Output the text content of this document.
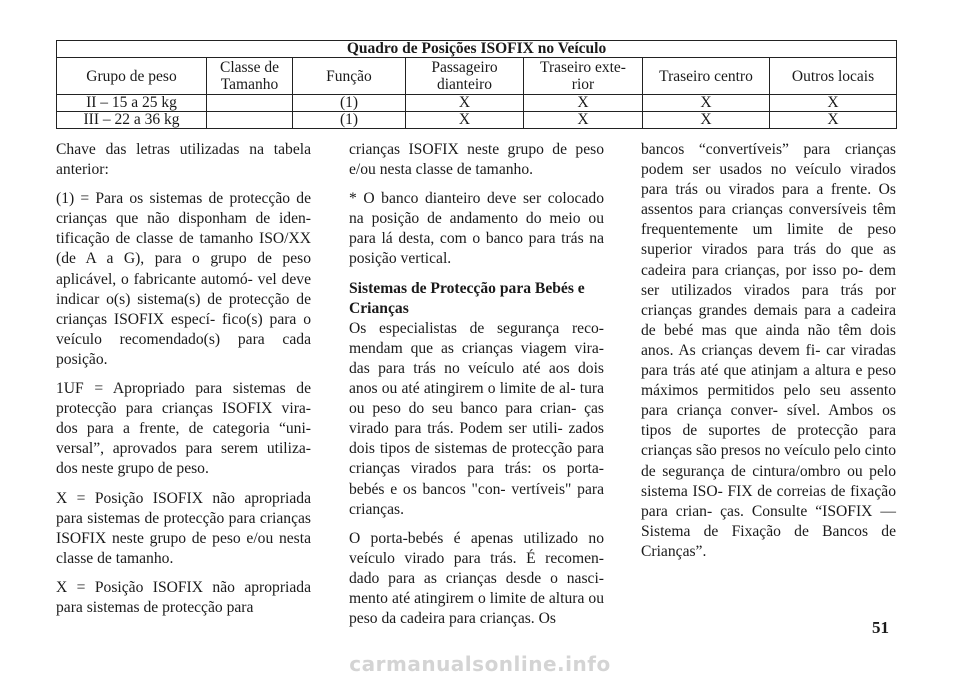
Quadro de Posições ISOFIX no Veículo						
Grupo de peso	Classe de Tamanho	Função	Passageiro dianteiro	Traseiro exte- rior	Traseiro centro	Outros locais
II – 15 a 25 kg		(1)	X	X	X	X
III – 22 a 36 kg		(1)	X	X	X	X

Chave das letras utilizadas na tabela anterior:

(1) = Para os sistemas de protecção de crianças que não disponham de iden- tificação de classe de tamanho ISO/XX (de A a G), para o grupo de peso aplicável, o fabricante automó- vel deve indicar o(s) sistema(s) de protecção de crianças ISOFIX especí- fico(s) para o veículo recomendado(s) para cada posição.

1UF = Apropriado para sistemas de protecção para crianças ISOFIX vira- dos para a frente, de categoria “uni- versal”, aprovados para serem utiliza- dos neste grupo de peso.

X = Posição ISOFIX não apropriada para sistemas de protecção para crianças ISOFIX neste grupo de peso e/ou nesta classe de tamanho.

X = Posição ISOFIX não apropriada para sistemas de protecção para

crianças ISOFIX neste grupo de peso e/ou nesta classe de tamanho.

* O banco dianteiro deve ser colocado na posição de andamento do meio ou para lá desta, com o banco para trás na posição vertical.

Sistemas de Protecção para Bebés e Crianças

Os especialistas de segurança reco- mendam que as crianças viagem vira- das para trás no veículo até aos dois anos ou até atingirem o limite de al- tura ou peso do seu banco para crian- ças virado para trás. Podem ser utili- zados dois tipos de sistemas de protecção para crianças virados para trás: os porta-bebés e os bancos "con- vertíveis" para crianças.

O porta-bebés é apenas utilizado no veículo virado para trás. É recomen- dado para as crianças desde o nasci- mento até atingirem o limite de altura ou peso da cadeira para crianças. Os

bancos “convertíveis” para crianças podem ser usados no veículo virados para trás ou virados para a frente. Os assentos para crianças conversíveis têm frequentemente um limite de peso superior virados para trás do que as cadeira para crianças, por isso po- dem ser utilizados virados para trás por crianças grandes demais para a cadeira de bebé mas que ainda não têm dois anos. As crianças devem fi- car viradas para trás até que atinjam a altura e peso máximos permitidos pelo seu assento para criança conver- sível. Ambos os tipos de suportes de protecção para crianças são presos no veículo pelo cinto de segurança de cintura/ombro ou pelo sistema ISO- FIX de correias de fixação para crian- ças. Consulte “ISOFIX — Sistema de Fixação de Bancos de Crianças”.

51
carmanualsonline.info
